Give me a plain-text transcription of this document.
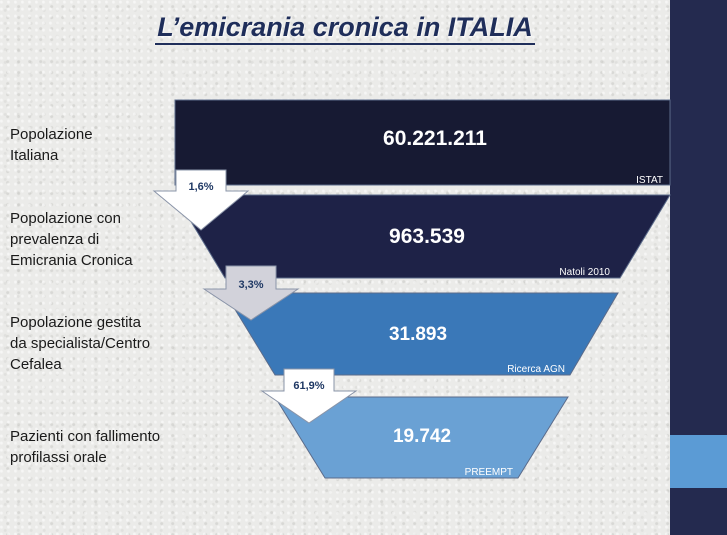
L’emicrania cronica in ITALIA
Popolazione
Italiana
Popolazione con
prevalenza di
Emicrania Cronica
Popolazione gestita
da specialista/Centro
Cefalea
Pazienti con fallimento
profilassi orale
60.221.211
ISTAT
963.539
Natoli 2010
31.893
Ricerca AGN
19.742
PREEMPT
1,6%
3,3%
61,9%
